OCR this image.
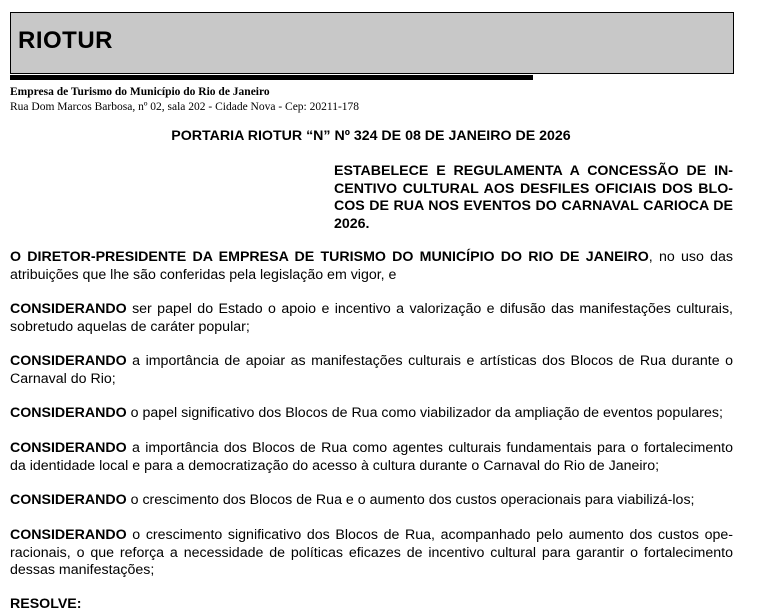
RIOTUR
Empresa de Turismo do Município do Rio de Janeiro
Rua Dom Marcos Barbosa, nº 02, sala 202 - Cidade Nova - Cep: 20211-178
PORTARIA RIOTUR “N” Nº 324 DE 08 DE JANEIRO DE 2026
ESTABELECE E REGULAMENTA A CONCESSÃO DE INCENTIVO CULTURAL AOS DESFILES OFICIAIS DOS BLOCOS DE RUA NOS EVENTOS DO CARNAVAL CARIOCA DE 2026.
O DIRETOR-PRESIDENTE DA EMPRESA DE TURISMO DO MUNICÍPIO DO RIO DE JANEIRO, no uso das atribuições que lhe são conferidas pela legislação em vigor, e
CONSIDERANDO ser papel do Estado o apoio e incentivo a valorização e difusão das manifestações culturais, sobretudo aquelas de caráter popular;
CONSIDERANDO a importância de apoiar as manifestações culturais e artísticas dos Blocos de Rua durante o Carnaval do Rio;
CONSIDERANDO o papel significativo dos Blocos de Rua como viabilizador da ampliação de eventos populares;
CONSIDERANDO a importância dos Blocos de Rua como agentes culturais fundamentais para o fortalecimento da identidade local e para a democratização do acesso à cultura durante o Carnaval do Rio de Janeiro;
CONSIDERANDO o crescimento dos Blocos de Rua e o aumento dos custos operacionais para viabilizá-los;
CONSIDERANDO o crescimento significativo dos Blocos de Rua, acompanhado pelo aumento dos custos operacionais, o que reforça a necessidade de políticas eficazes de incentivo cultural para garantir o fortalecimento dessas manifestações;
RESOLVE:
